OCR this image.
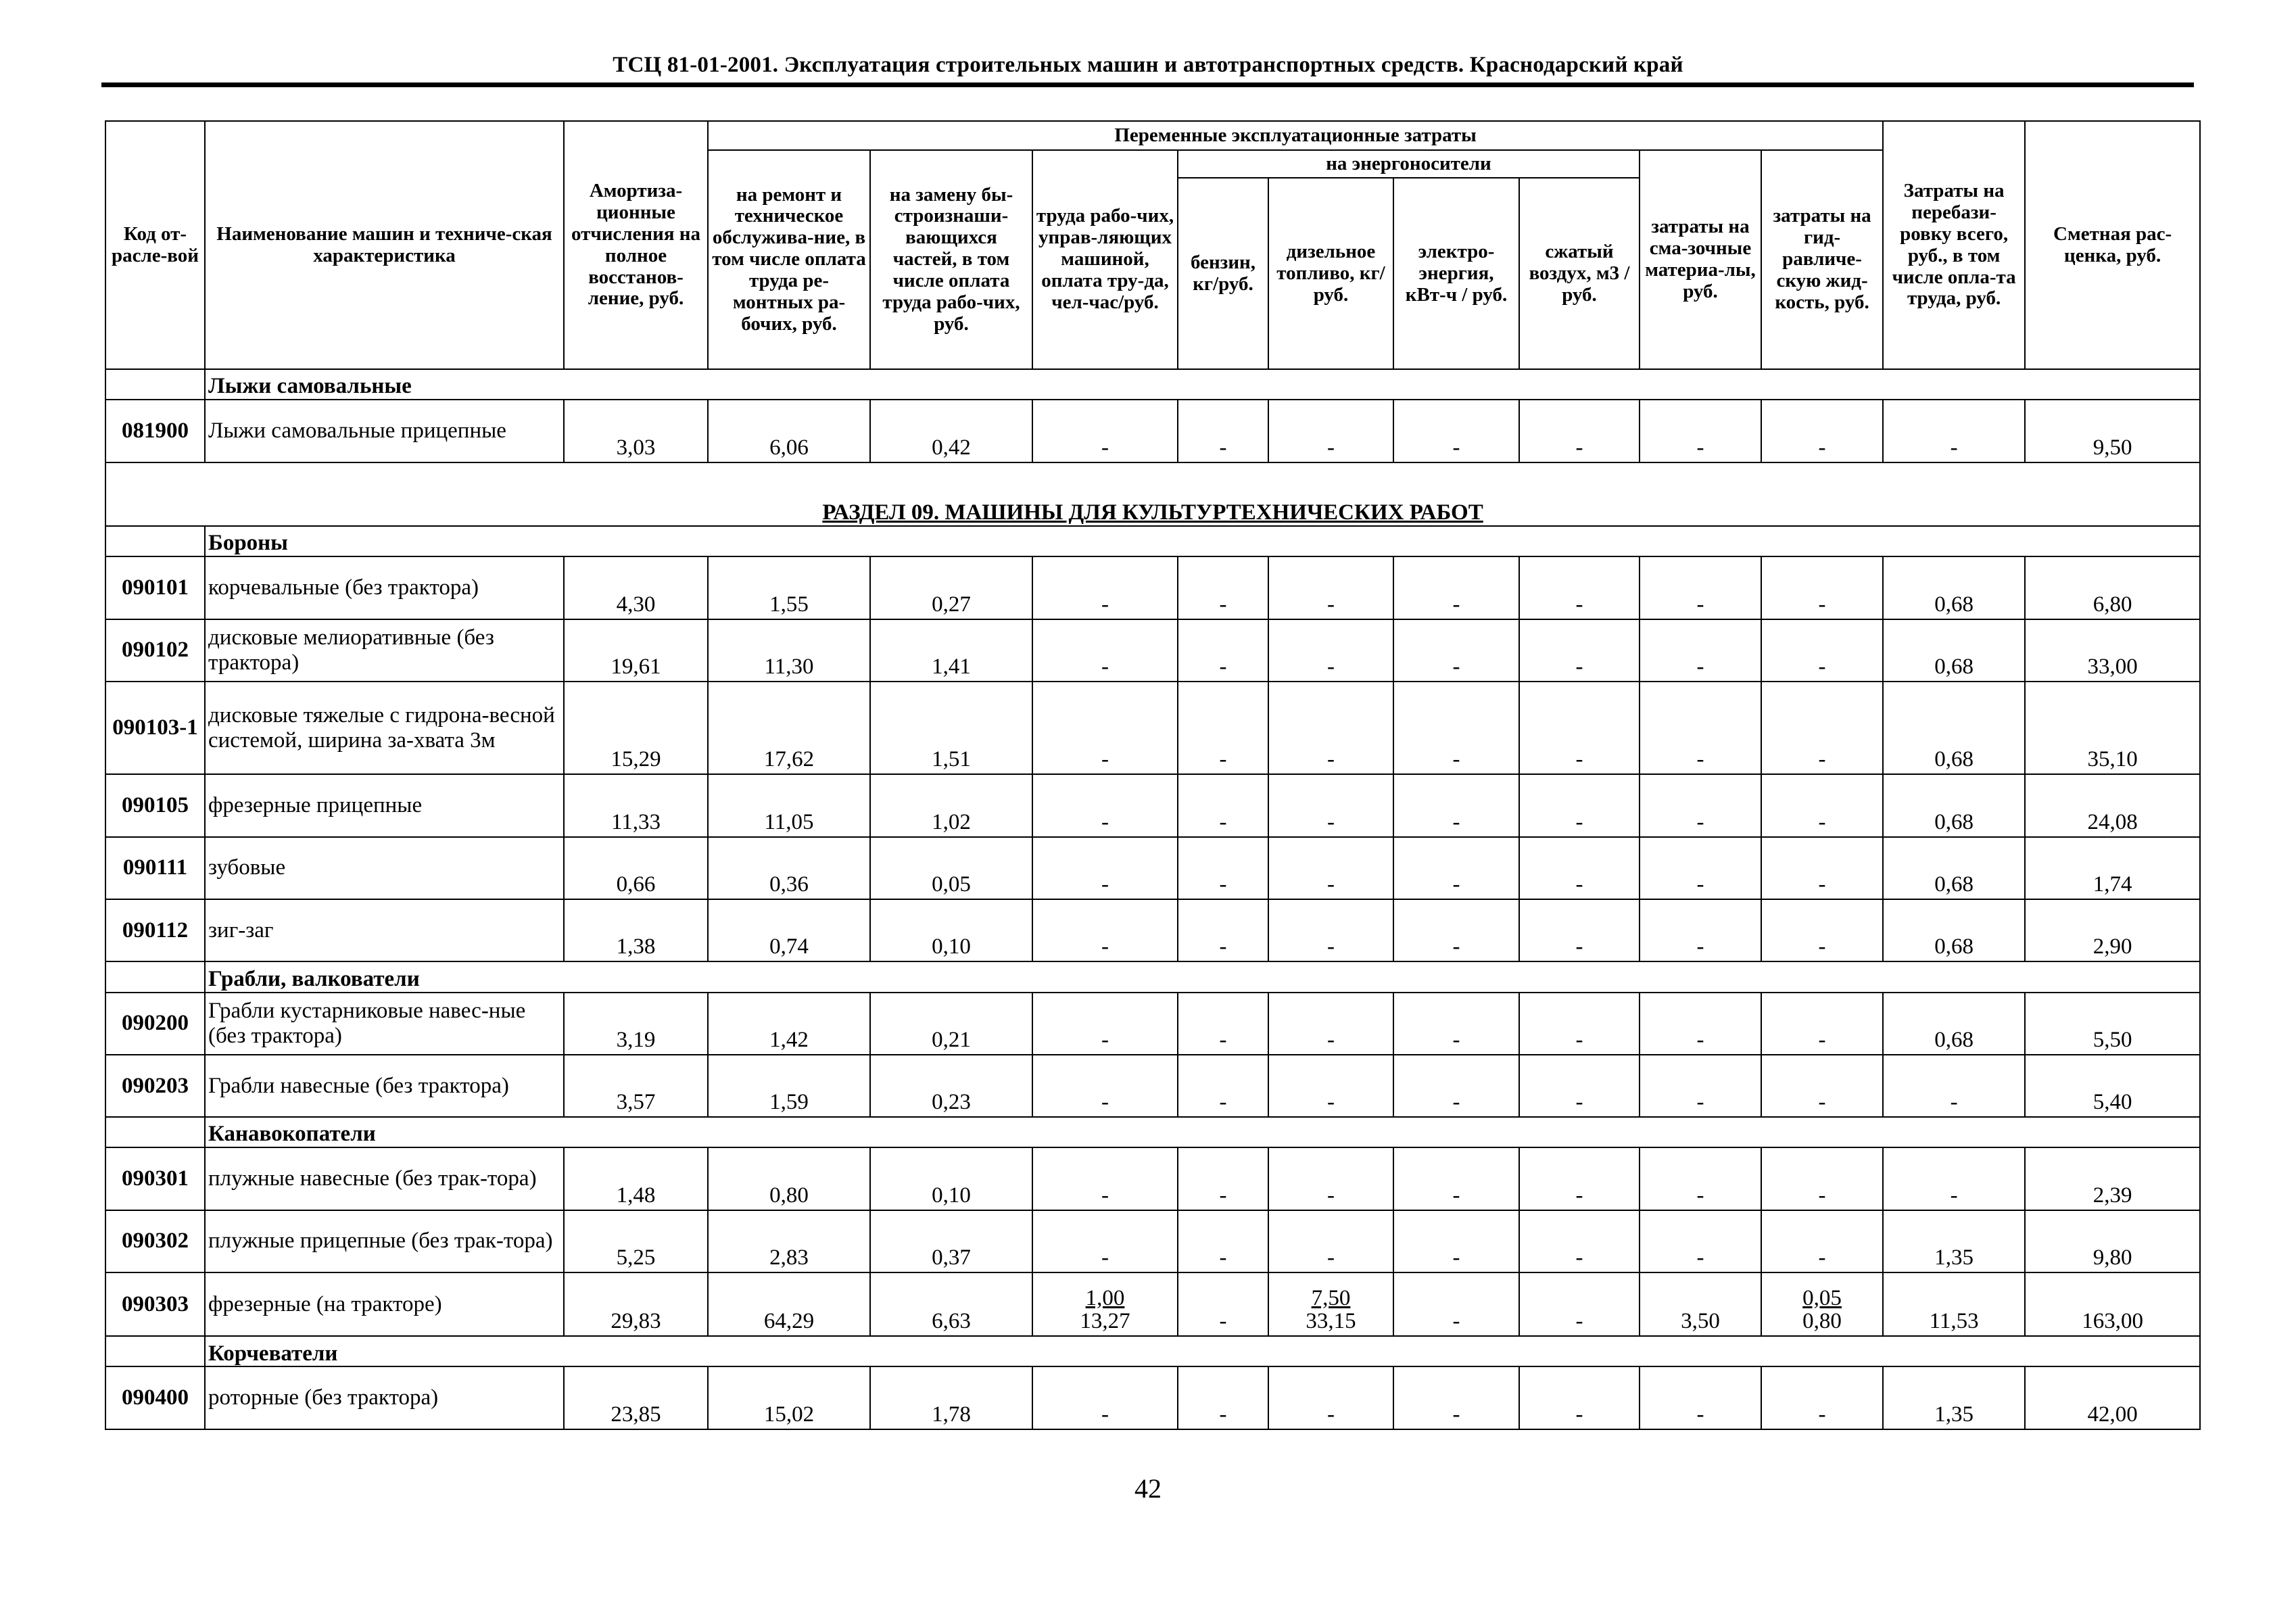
ТСЦ 81-01-2001. Эксплуатация строительных машин и автотранспортных средств. Краснодарский край
Код от-расле-вой	Наименование машин и техниче-ская характеристика	Амортиза-ционные отчисления на полное восстанов-ление, руб.	Переменные эксплуатационные затраты									Затраты на перебази-ровку всего, руб., в том числе опла-та труда, руб.	Сметная рас-ценка, руб.
			на ремонт и техническое обслужива-ние, в том числе оплата труда ре-монтных ра-бочих, руб.	на замену бы-строизнаши-вающихся частей, в том числе оплата труда рабо-чих, руб.	труда рабо-чих, управ-ляющих машиной, оплата тру-да, чел-час/руб.	на энергоносители				затраты на сма-зочные материа-лы, руб.	затраты на гид-равличе-скую жид-кость, руб.		
						бензин, кг/руб.	дизельное топливо, кг/руб.	электро-энергия, кВт-ч / руб.	сжатый воздух, м3 / руб.				
	Лыжи самовальные												
081900	Лыжи самовальные прицепные	3,03	6,06	0,42	-	-	-	-	-	-	-	-	9,50
РАЗДЕЛ 09. МАШИНЫ ДЛЯ КУЛЬТУРТЕХНИЧЕСКИХ РАБОТ													
	Бороны												
090101	корчевальные (без трактора)	4,30	1,55	0,27	-	-	-	-	-	-	-	0,68	6,80
090102	дисковые мелиоративные (без трактора)	19,61	11,30	1,41	-	-	-	-	-	-	-	0,68	33,00
090103-1	дисковые тяжелые с гидрона-весной системой, ширина за-хвата 3м	15,29	17,62	1,51	-	-	-	-	-	-	-	0,68	35,10
090105	фрезерные прицепные	11,33	11,05	1,02	-	-	-	-	-	-	-	0,68	24,08
090111	зубовые	0,66	0,36	0,05	-	-	-	-	-	-	-	0,68	1,74
090112	зиг-заг	1,38	0,74	0,10	-	-	-	-	-	-	-	0,68	2,90
	Грабли, валкователи												
090200	Грабли кустарниковые навес-ные (без трактора)	3,19	1,42	0,21	-	-	-	-	-	-	-	0,68	5,50
090203	Грабли навесные (без трактора)	3,57	1,59	0,23	-	-	-	-	-	-	-	-	5,40
	Канавокопатели												
090301	плужные навесные (без трак-тора)	1,48	0,80	0,10	-	-	-	-	-	-	-	-	2,39
090302	плужные прицепные (без трак-тора)	5,25	2,83	0,37	-	-	-	-	-	-	-	1,35	9,80
090303	фрезерные (на тракторе)	29,83	64,29	6,63	$\frac{1,00}{13,27}$	-	$\frac{7,50}{33,15}$	-	-	3,50	$\frac{0,05}{0,80}$	11,53	163,00
	Корчеватели												
090400	роторные (без трактора)	23,85	15,02	1,78	-	-	-	-	-	-	-	1,35	42,00
42
